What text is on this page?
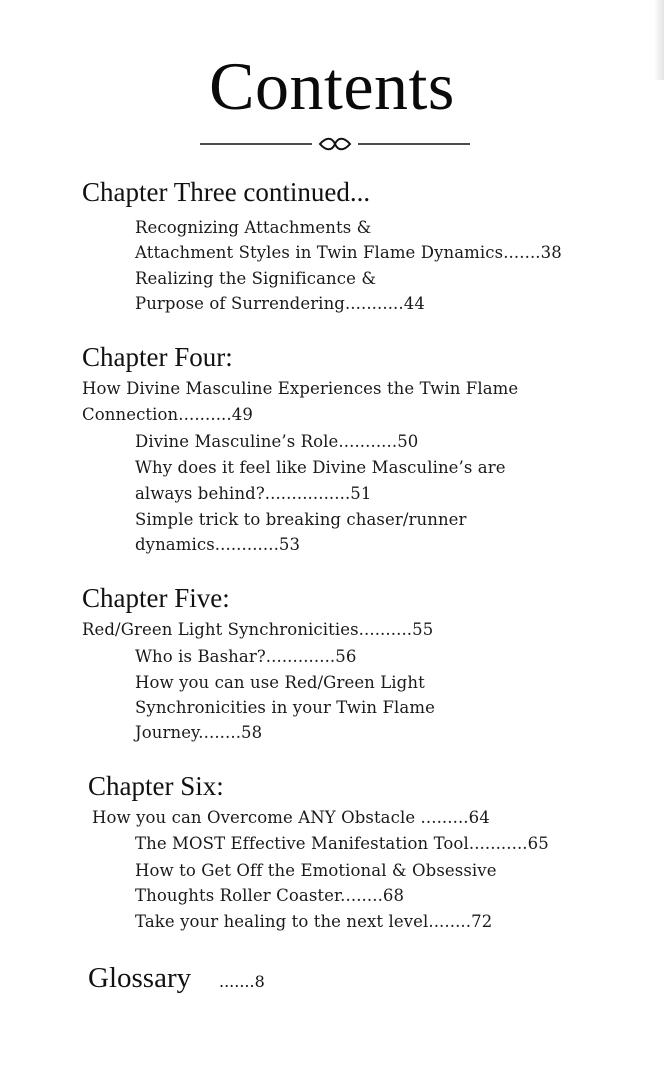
Contents
Chapter Three continued...
Recognizing Attachments &
Attachment Styles in Twin Flame Dynamics.......38
Realizing the Significance &
Purpose of Surrendering...........44
Chapter Four:
How Divine Masculine Experiences the Twin Flame
Connection..........49
Divine Masculine’s Role...........50
Why does it feel like Divine Masculine’s are
always behind?................51
Simple trick to breaking chaser/runner
dynamics............53
Chapter Five:
Red/Green Light Synchronicities..........55
Who is Bashar?.............56
How you can use Red/Green Light
Synchronicities in your Twin Flame
Journey........58
Chapter Six:
How you can Overcome ANY Obstacle .........64
The MOST Effective Manifestation Tool...........65
How to Get Off the Emotional & Obsessive
Thoughts Roller Coaster........68
Take your healing to the next level........72
Glossary .......8
